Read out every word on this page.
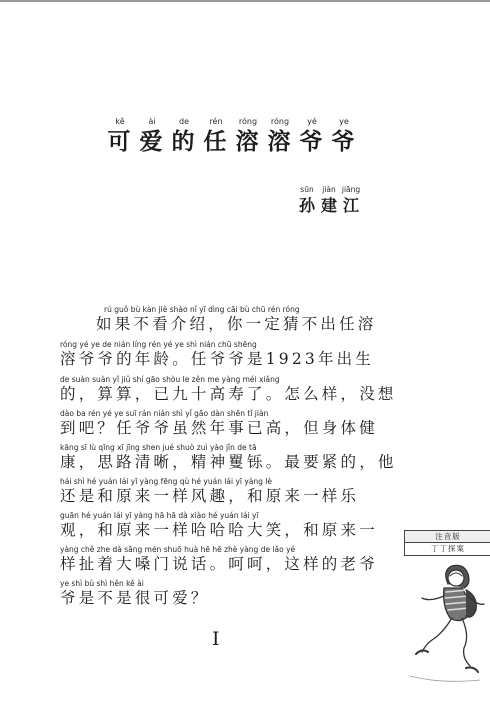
kě
可
ài
爱
de
的
rén
任
róng
溶
róng
溶
yé
爷
ye
爷
sūn
孙
jiàn
建
jiāng
江
rú guǒ bù kàn jiè shào nǐ yī dìng cāi bù chū rén róng
如果不看介绍，你一定猜不出任溶
róng yé ye de nián líng rén yé ye shì nián chū shēng
溶爷爷的年龄。任爷爷是1923年出生
de suàn suàn yǐ jiǔ shí gāo shòu le zěn me yàng méi xiǎng
的，算算，已九十高寿了。怎么样，没想
dào ba rén yé ye suī rán nián shì yǐ gāo dàn shēn tǐ jiàn
到吧？任爷爷虽然年事已高，但身体健
kāng sī lù qīng xī jīng shen jué shuò zuì yào jǐn de tā
康，思路清晰，精神矍铄。最要紧的，他
hái shì hé yuán lái yī yàng fēng qù hé yuán lái yī yàng lè
还是和原来一样风趣，和原来一样乐
guān hé yuán lái yī yàng hā hā dà xiào hé yuán lái yī
观，和原来一样哈哈哈大笑，和原来一
yàng chě zhe dà sǎng mén shuō huà hē hē zhè yàng de lǎo yé
样扯着大嗓门说话。呵呵，这样的老爷
ye shì bù shì hěn kě ài
爷是不是很可爱？
I
注音版
丁丁探案
